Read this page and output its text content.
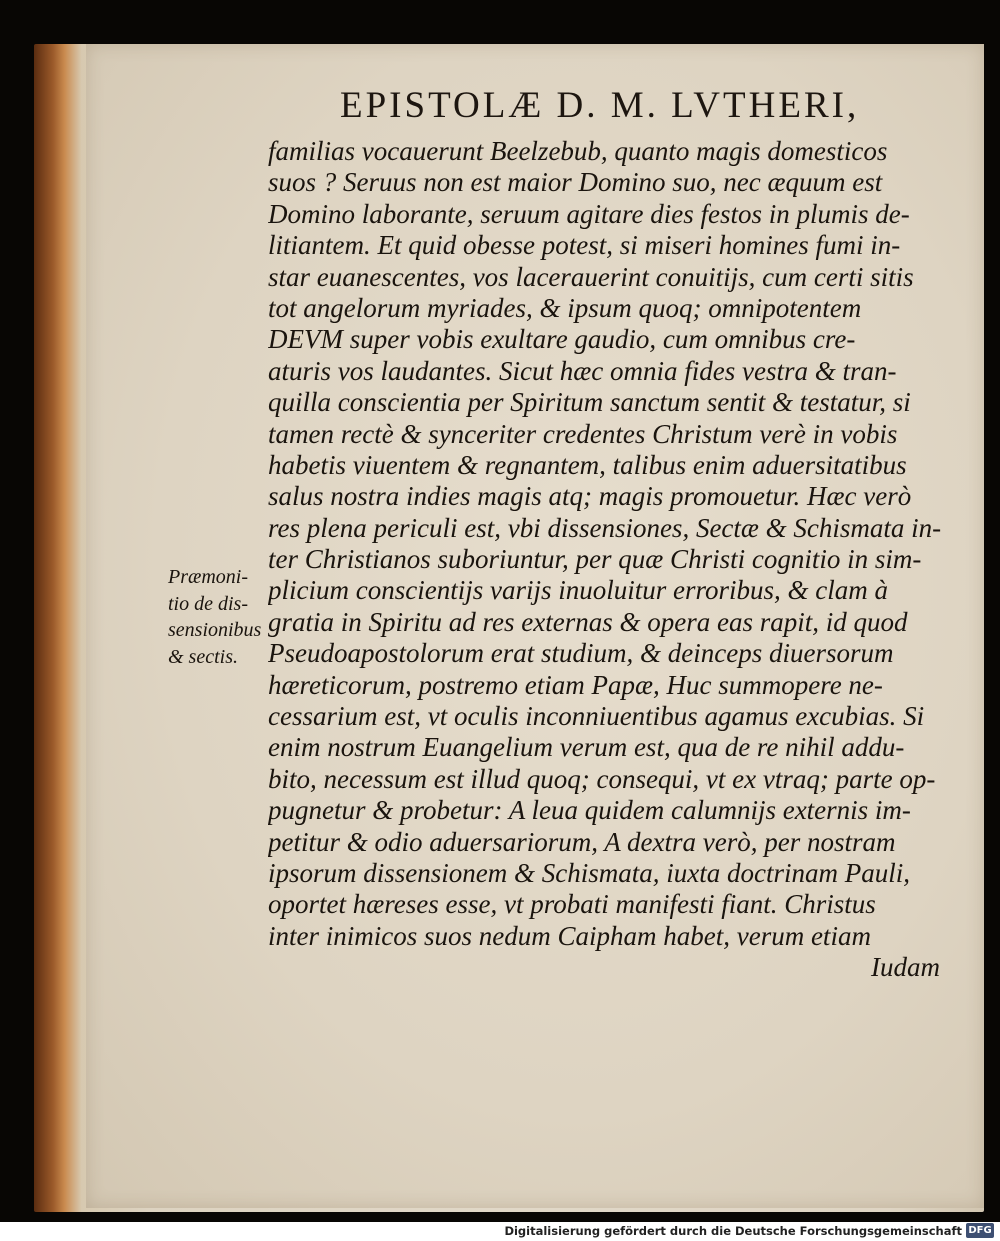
EPISTOLÆ D. M. LVTHERI,
familias vocauerunt Beelzebub, quanto magis domesticos
suos ? Seruus non est maior Domino suo, nec æquum est
Domino laborante, seruum agitare dies festos in plumis de-
litiantem. Et quid obesse potest, si miseri homines fumi in-
star euanescentes, vos lacerauerint conuitijs, cum certi sitis
tot angelorum myriades, & ipsum quoq; omnipotentem
DEVM super vobis exultare gaudio, cum omnibus cre-
aturis vos laudantes. Sicut hæc omnia fides vestra & tran-
quilla conscientia per Spiritum sanctum sentit & testatur, si
tamen rectè & synceriter credentes Christum verè in vobis
habetis viuentem & regnantem, talibus enim aduersitatibus
salus nostra indies magis atq; magis promouetur. Hæc verò
res plena periculi est, vbi dissensiones, Sectæ & Schismata in-
ter Christianos suboriuntur, per quæ Christi cognitio in sim-
plicium conscientijs varijs inuoluitur erroribus, & clam à
gratia in Spiritu ad res externas & opera eas rapit, id quod
Pseudoapostolorum erat studium, & deinceps diuersorum
hæreticorum, postremo etiam Papæ, Huc summopere ne-
cessarium est, vt oculis inconniuentibus agamus excubias. Si
enim nostrum Euangelium verum est, qua de re nihil addu-
bito, necessum est illud quoq; consequi, vt ex vtraq; parte op-
pugnetur & probetur: A leua quidem calumnijs externis im-
petitur & odio aduersariorum, A dextra verò, per nostram
ipsorum dissensionem & Schismata, iuxta doctrinam Pauli,
oportet hæreses esse, vt probati manifesti fiant. Christus
inter inimicos suos nedum Caipham habet, verum etiam
Iudam
Præmoni-
tio de dis-
sensionibus
& sectis.
Digitalisierung gefördert durch die Deutsche Forschungsgemeinschaft DFG
